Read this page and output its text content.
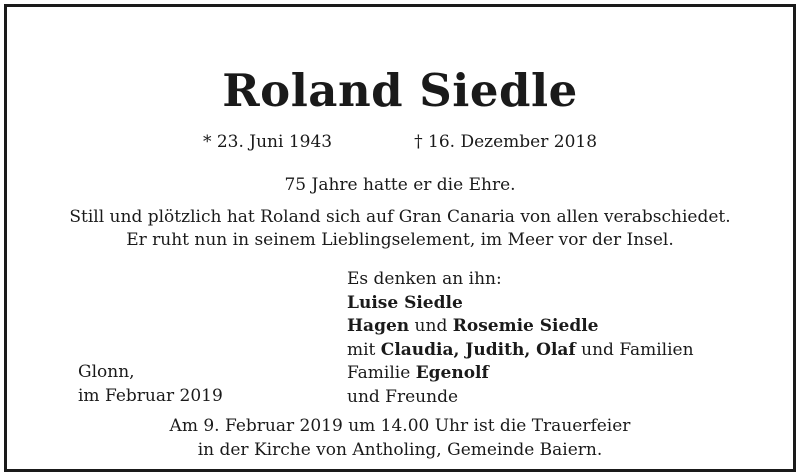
Roland Siedle
* 23. Juni 1943	† 16. Dezember 2018
75 Jahre hatte er die Ehre.
Still und plötzlich hat Roland sich auf Gran Canaria von allen verabschiedet.
Er ruht nun in seinem Lieblingselement, im Meer vor der Insel.
Es denken an ihn:
Luise Siedle
Hagen und Rosemie Siedle
mit Claudia, Judith, Olaf und Familien
Familie Egenolf
und Freunde
Glonn,
im Februar 2019
Am 9. Februar 2019 um 14.00 Uhr ist die Trauerfeier
in der Kirche von Antholing, Gemeinde Baiern.
